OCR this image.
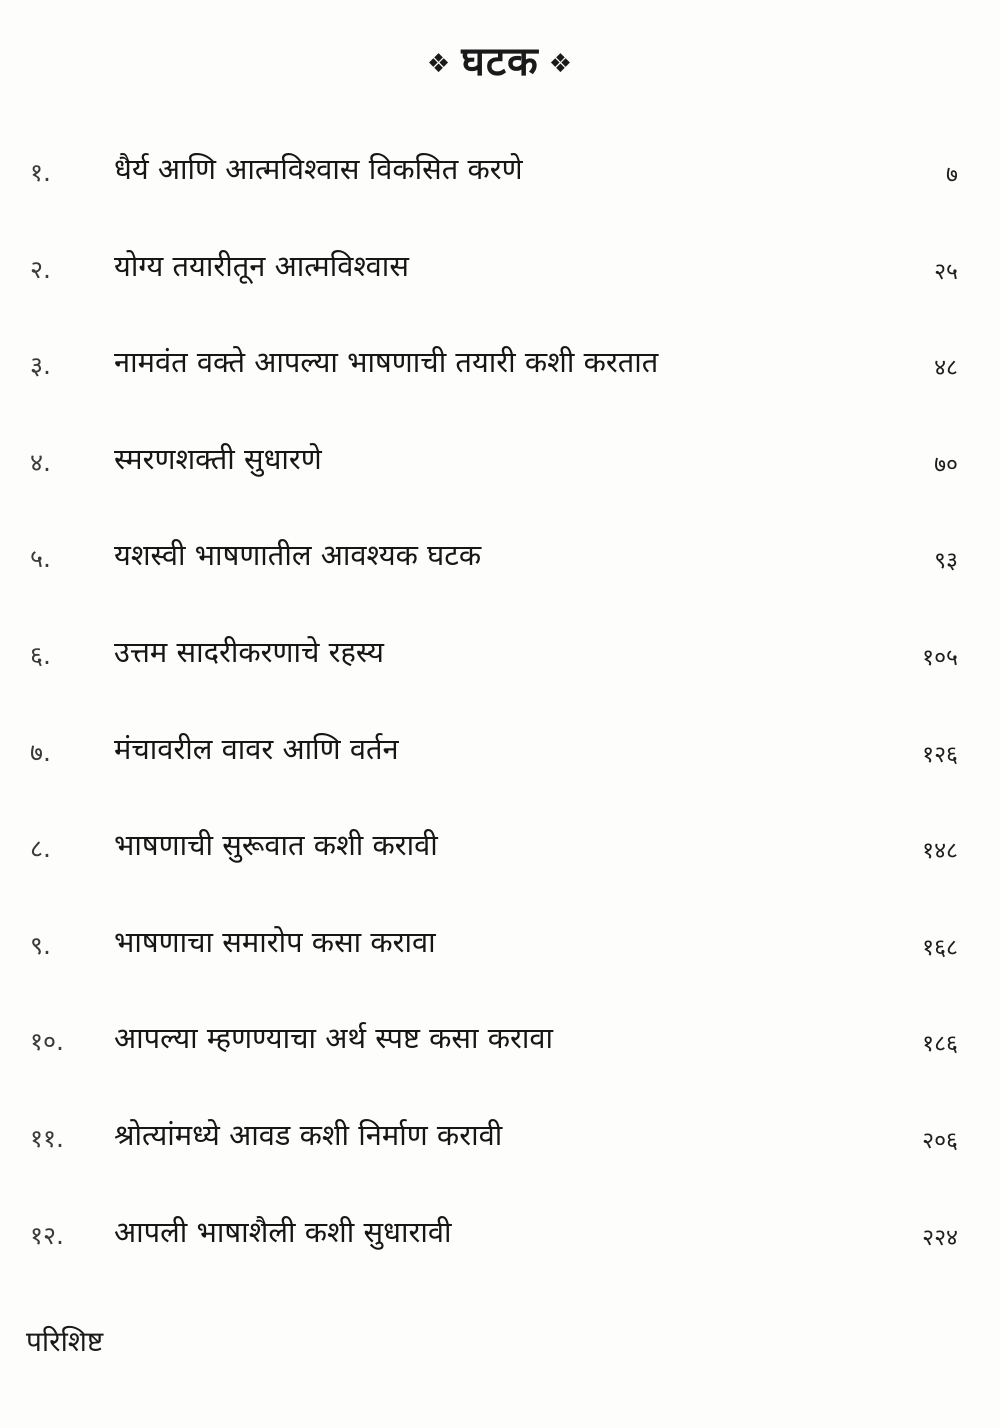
❖ घटक ❖
१. धैर्य आणि आत्मविश्वास विकसित करणे	७
२. योग्य तयारीतून आत्मविश्वास	२५
३. नामवंत वक्ते आपल्या भाषणाची तयारी कशी करतात	४८
४. स्मरणशक्ती सुधारणे	७०
५. यशस्वी भाषणातील आवश्यक घटक	९३
६. उत्तम सादरीकरणाचे रहस्य	१०५
७. मंचावरील वावर आणि वर्तन	१२६
८. भाषणाची सुरूवात कशी करावी	१४८
९. भाषणाचा समारोप कसा करावा	१६८
१०. आपल्या म्हणण्याचा अर्थ स्पष्ट कसा करावा	१८६
११. श्रोत्यांमध्ये आवड कशी निर्माण करावी	२०६
१२. आपली भाषाशैली कशी सुधारावी	२२४
परिशिष्ट
